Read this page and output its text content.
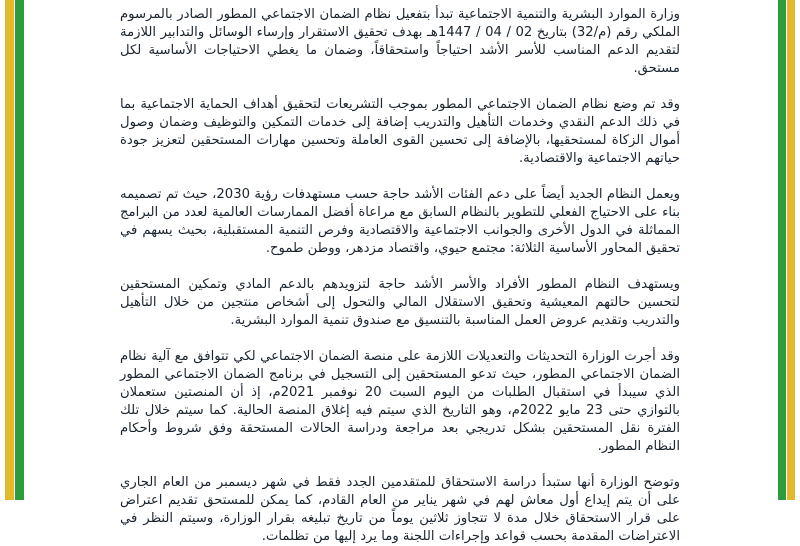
وزارة الموارد البشرية والتنمية الاجتماعية تبدأ بتفعيل نظام الضمان الاجتماعي المطور الصادر بالمرسوم الملكي رقم (م/32) بتاريخ 02 / 04 / 1447هـ بهدف تحقيق الاستقرار وإرساء الوسائل والتدابير اللازمة لتقديم الدعم المناسب للأسر الأشد احتياجاً واستحقاقاً، وضمان ما يغطي الاحتياجات الأساسية لكل مستحق.

وقد تم وضع نظام الضمان الاجتماعي المطور بموجب التشريعات لتحقيق أهداف الحماية الاجتماعية بما في ذلك الدعم النقدي وخدمات التأهيل والتدريب إضافة إلى خدمات التمكين والتوظيف وضمان وصول أموال الزكاة لمستحقيها، بالإضافة إلى تحسين القوى العاملة وتحسين مهارات المستحقين لتعزيز جودة حياتهم الاجتماعية والاقتصادية.

ويعمل النظام الجديد أيضاً على دعم الفئات الأشد حاجة حسب مستهدفات رؤية 2030، حيث تم تصميمه بناء على الاحتياج الفعلي للتطوير بالنظام السابق مع مراعاة أفضل الممارسات العالمية لعدد من البرامج المماثلة في الدول الأخرى والجوانب الاجتماعية والاقتصادية وفرص التنمية المستقبلية، بحيث يسهم في تحقيق المحاور الأساسية الثلاثة: مجتمع حيوي، واقتصاد مزدهر، ووطن طموح.

ويستهدف النظام المطور الأفراد والأسر الأشد حاجة لتزويدهم بالدعم المادي وتمكين المستحقين لتحسين حالتهم المعيشية وتحقيق الاستقلال المالي والتحول إلى أشخاص منتجين من خلال التأهيل والتدريب وتقديم عروض العمل المناسبة بالتنسيق مع صندوق تنمية الموارد البشرية.

وقد أجرت الوزارة التحديثات والتعديلات اللازمة على منصة الضمان الاجتماعي لكي تتوافق مع آلية نظام الضمان الاجتماعي المطور، حيث تدعو المستحقين إلى التسجيل في برنامج الضمان الاجتماعي المطور الذي سيبدأ في استقبال الطلبات من اليوم السبت 20 نوفمبر 2021م، إذ أن المنصتين ستعملان بالتوازي حتى 23 مايو 2022م، وهو التاريخ الذي سيتم فيه إغلاق المنصة الحالية. كما سيتم خلال تلك الفترة نقل المستحقين بشكل تدريجي بعد مراجعة ودراسة الحالات المستحقة وفق شروط وأحكام النظام المطور.

وتوضح الوزارة أنها ستبدأ دراسة الاستحقاق للمتقدمين الجدد فقط في شهر ديسمبر من العام الجاري على أن يتم إيداع أول معاش لهم في شهر يناير من العام القادم، كما يمكن للمستحق تقديم اعتراض على قرار الاستحقاق خلال مدة لا تتجاوز ثلاثين يوماً من تاريخ تبليغه بقرار الوزارة، وسيتم النظر في الاعتراضات المقدمة بحسب قواعد وإجراءات اللجنة وما يرد إليها من تظلمات.
